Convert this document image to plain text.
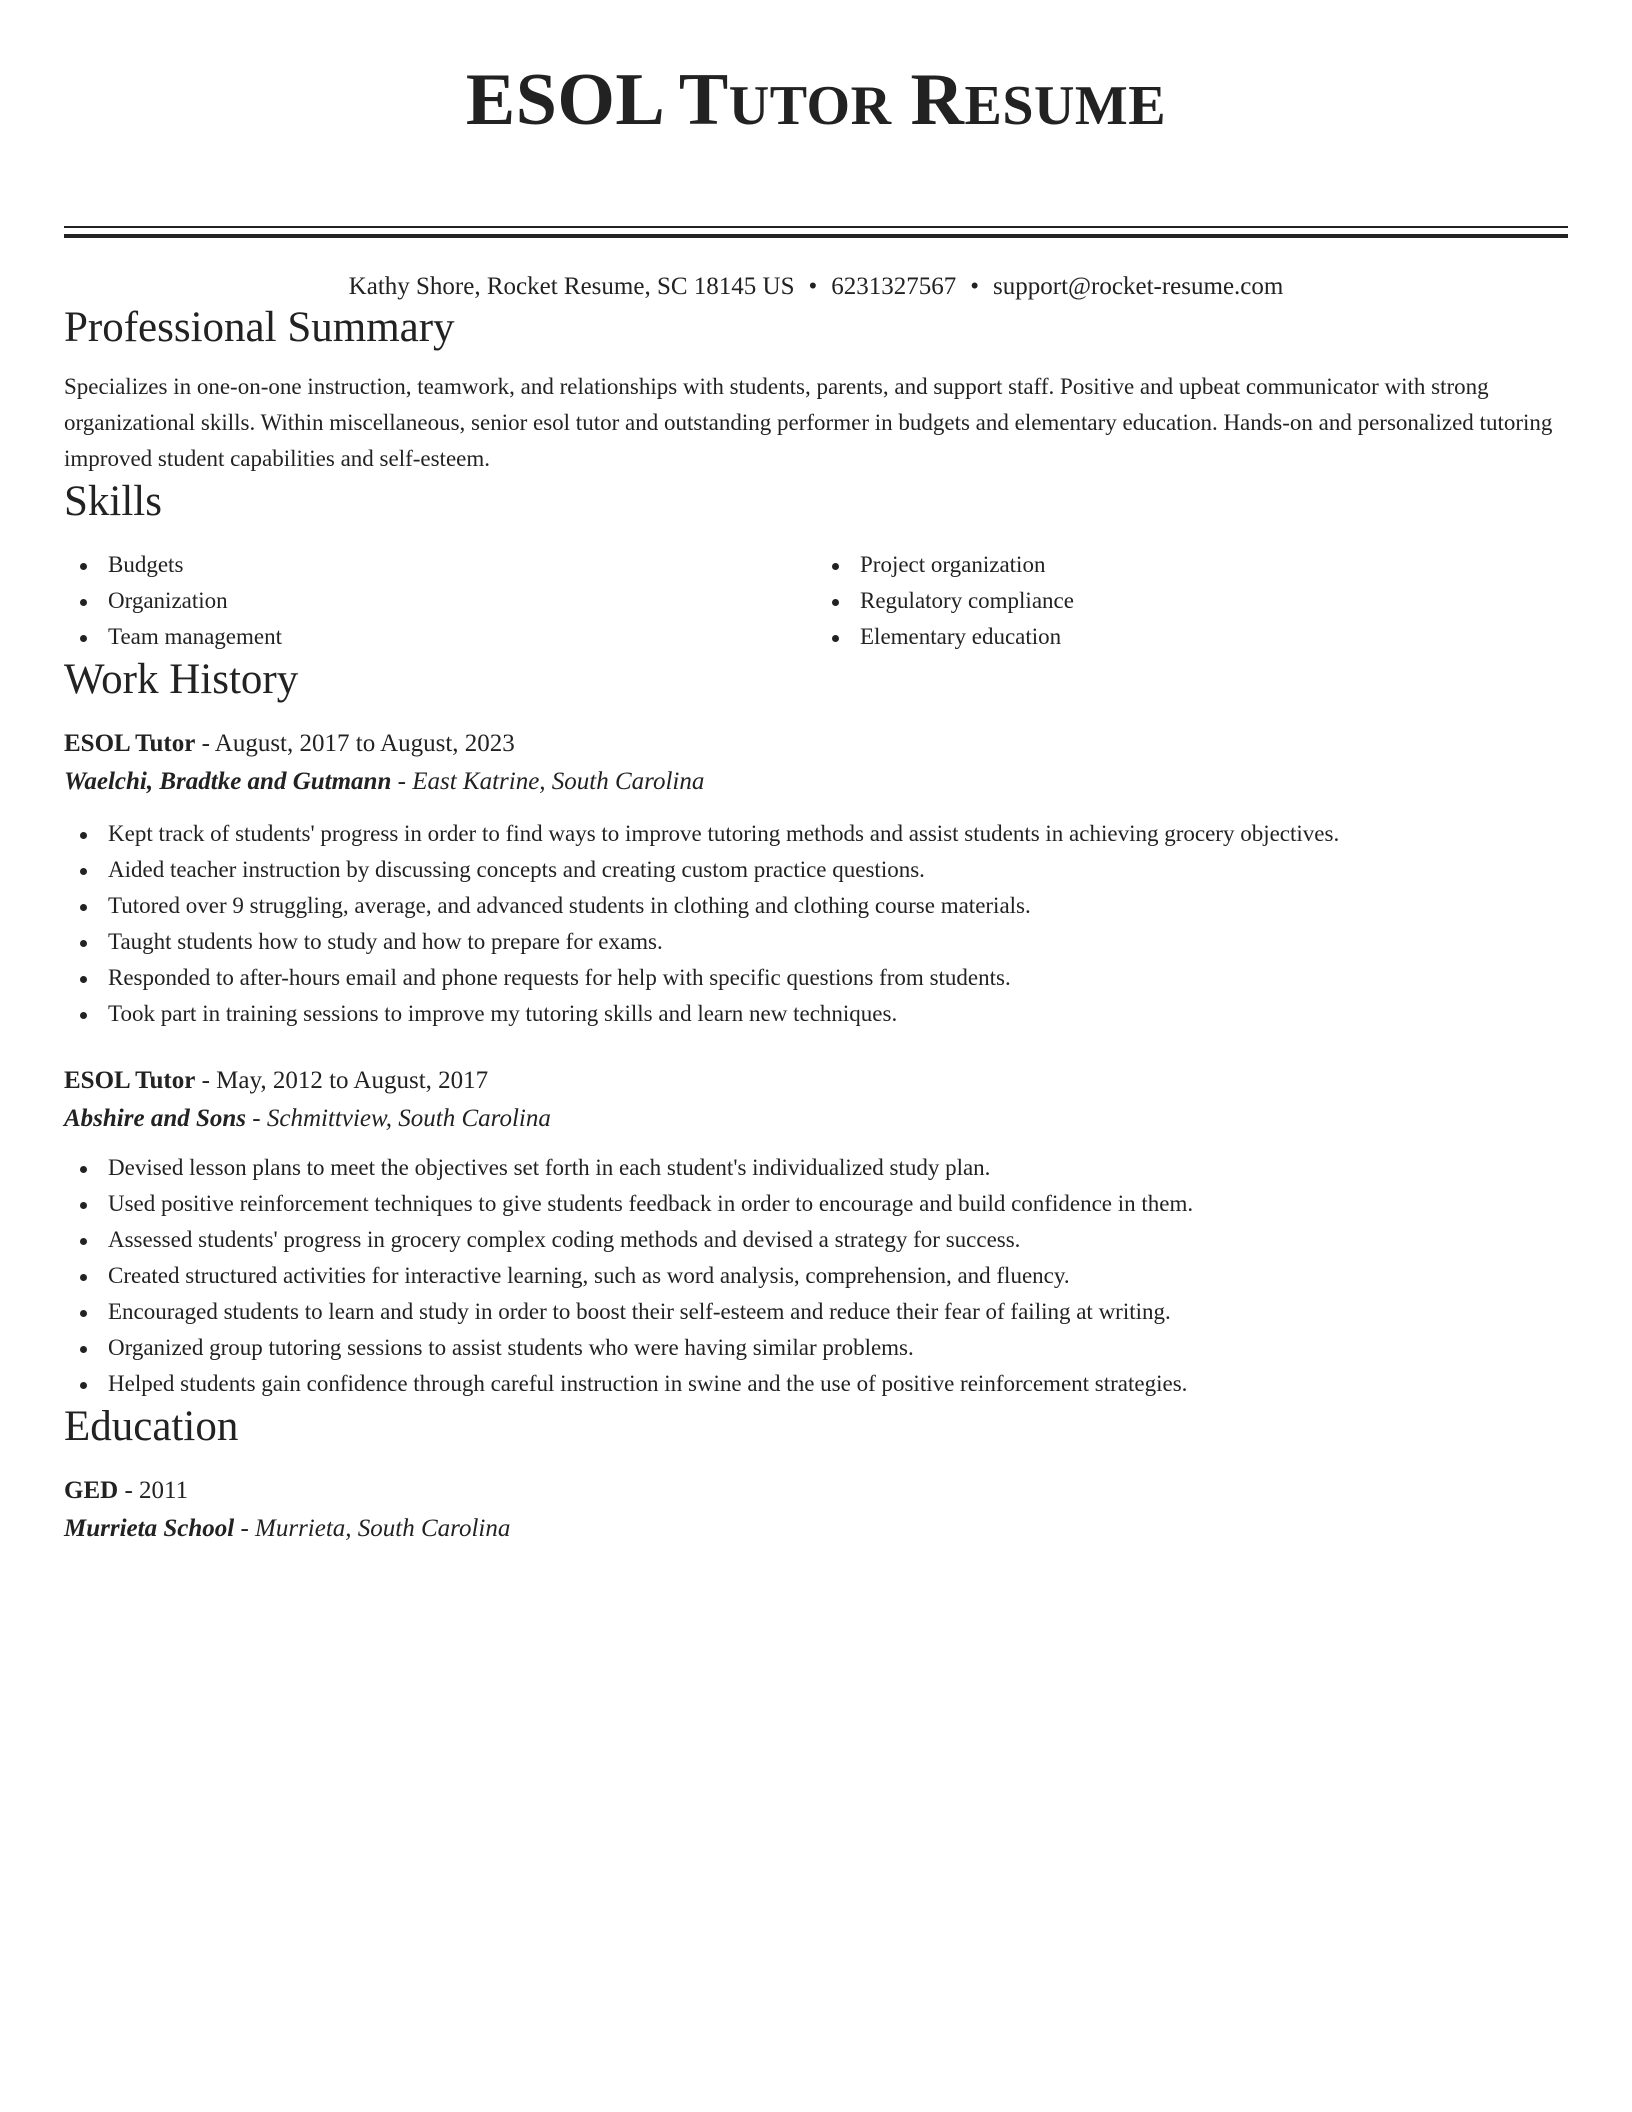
ESOL TUTOR RESUME
Kathy Shore, Rocket Resume, SC 18145 US • 6231327567 • support@rocket-resume.com
Professional Summary
Specializes in one-on-one instruction, teamwork, and relationships with students, parents, and support staff. Positive and upbeat communicator with strong organizational skills. Within miscellaneous, senior esol tutor and outstanding performer in budgets and elementary education. Hands-on and personalized tutoring improved student capabilities and self-esteem.
Skills
Budgets
Organization
Team management
Project organization
Regulatory compliance
Elementary education
Work History
ESOL Tutor - August, 2017 to August, 2023
Waelchi, Bradtke and Gutmann - East Katrine, South Carolina
Kept track of students' progress in order to find ways to improve tutoring methods and assist students in achieving grocery objectives.
Aided teacher instruction by discussing concepts and creating custom practice questions.
Tutored over 9 struggling, average, and advanced students in clothing and clothing course materials.
Taught students how to study and how to prepare for exams.
Responded to after-hours email and phone requests for help with specific questions from students.
Took part in training sessions to improve my tutoring skills and learn new techniques.
ESOL Tutor - May, 2012 to August, 2017
Abshire and Sons - Schmittview, South Carolina
Devised lesson plans to meet the objectives set forth in each student's individualized study plan.
Used positive reinforcement techniques to give students feedback in order to encourage and build confidence in them.
Assessed students' progress in grocery complex coding methods and devised a strategy for success.
Created structured activities for interactive learning, such as word analysis, comprehension, and fluency.
Encouraged students to learn and study in order to boost their self-esteem and reduce their fear of failing at writing.
Organized group tutoring sessions to assist students who were having similar problems.
Helped students gain confidence through careful instruction in swine and the use of positive reinforcement strategies.
Education
GED - 2011
Murrieta School - Murrieta, South Carolina
